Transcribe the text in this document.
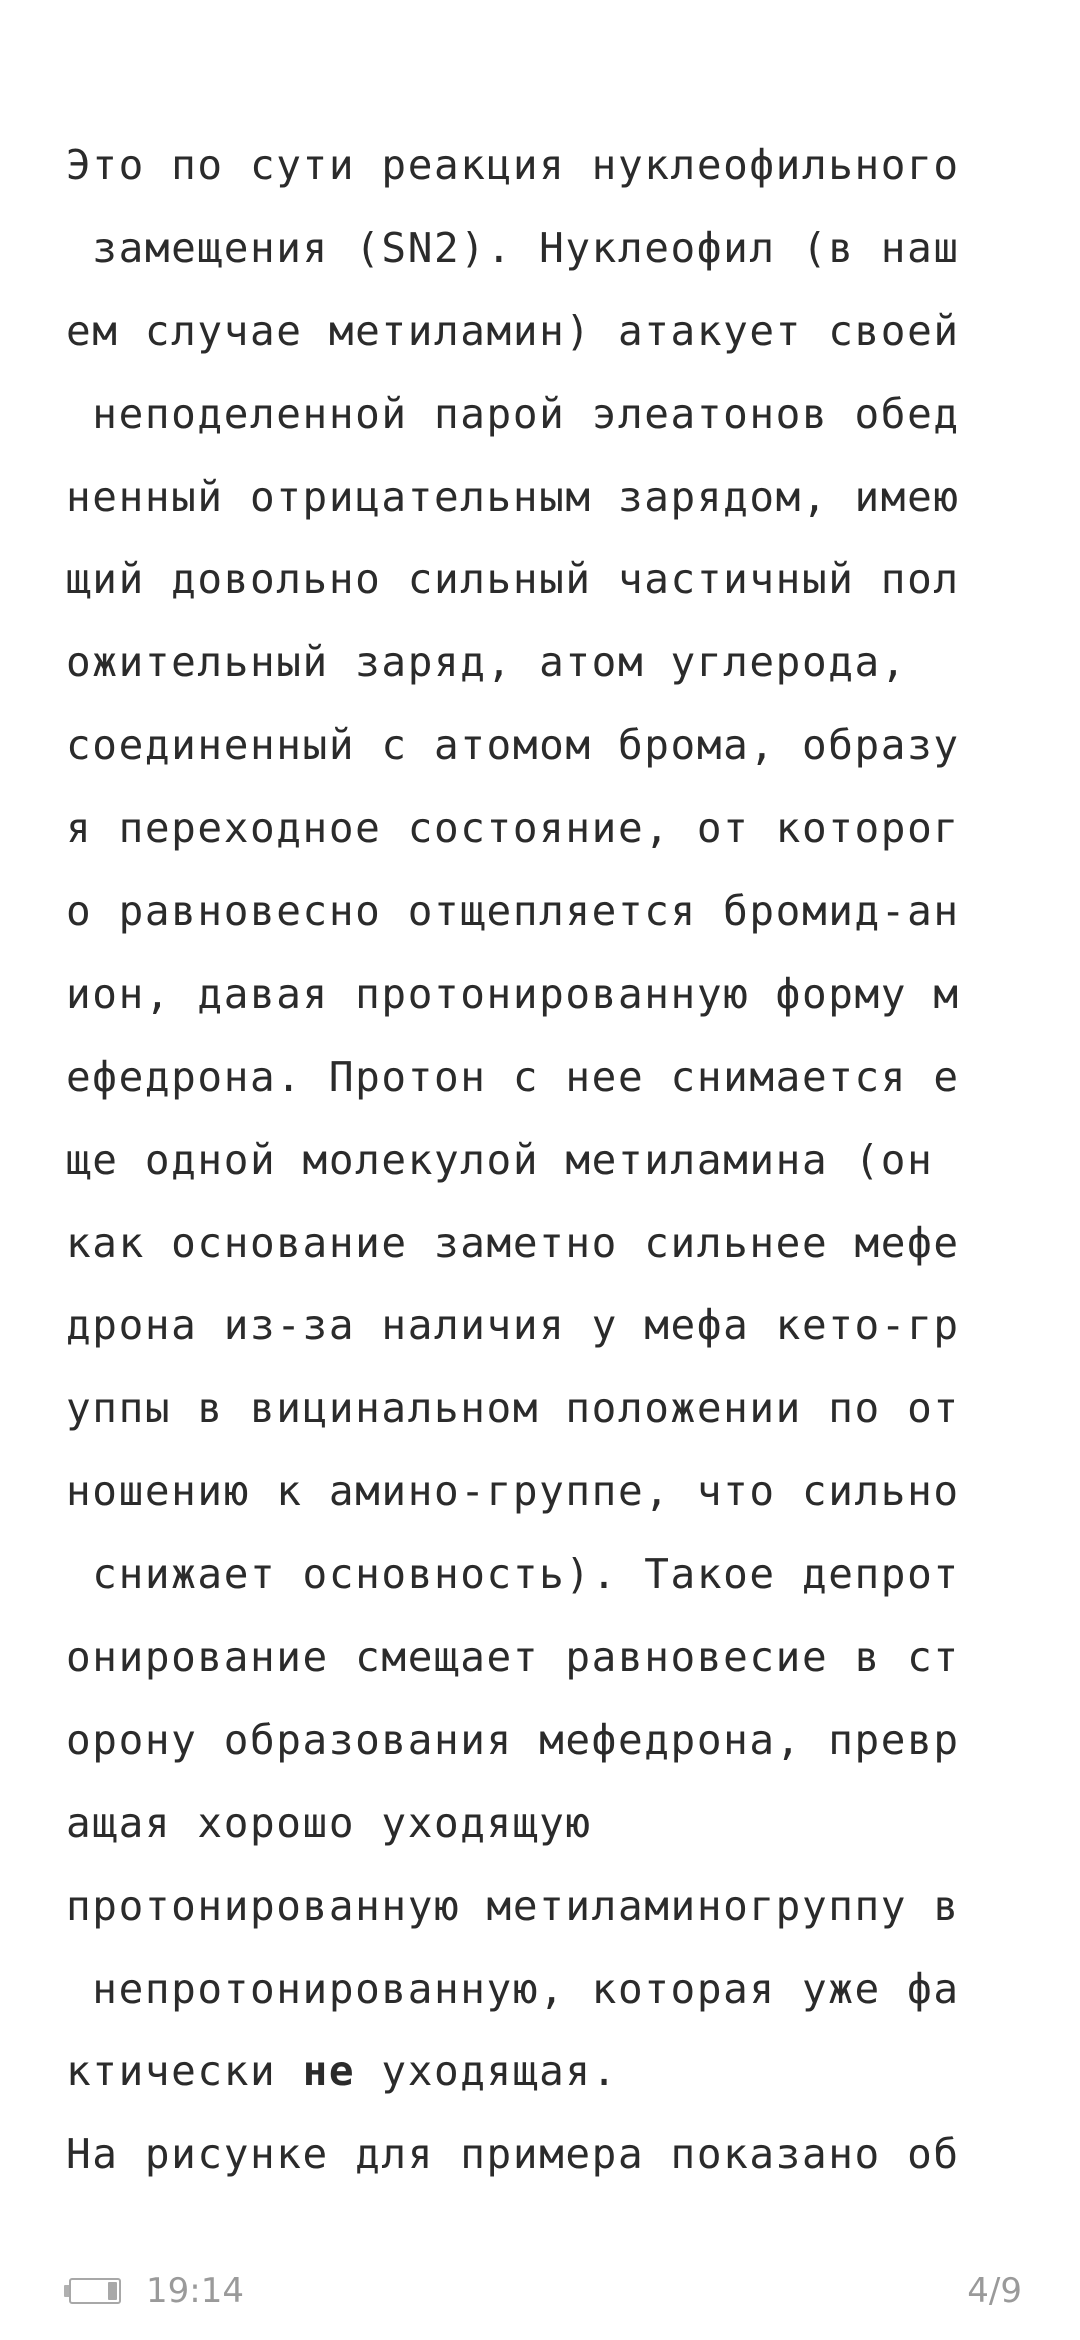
Это по сути реакция нуклеофильного
замещения (SN2). Нуклеофил (в наш
ем случае метиламин) атакует своей
неподеленной парой элеатонов обед
ненный отрицательным зарядом, имею
щий довольно сильный частичный пол
ожительный заряд, атом углерода,
соединенный с атомом брома, образу
я переходное состояние, от которог
о равновесно отщепляется бромид-ан
ион, давая протонированную форму м
ефедрона. Протон с нее снимается е
ще одной молекулой метиламина (он
как основание заметно сильнее мефе
дрона из-за наличия у мефа кето-гр
уппы в вицинальном положении по от
ношению к амино-группе, что сильно
снижает основность). Такое депрот
онирование смещает равновесие в ст
орону образования мефедрона, превр
ащая хорошо уходящую
протонированную метиламиногруппу в
непротонированную, которая уже фа
ктически не уходящая.
На рисунке для примера показано об
19:14	4/9
